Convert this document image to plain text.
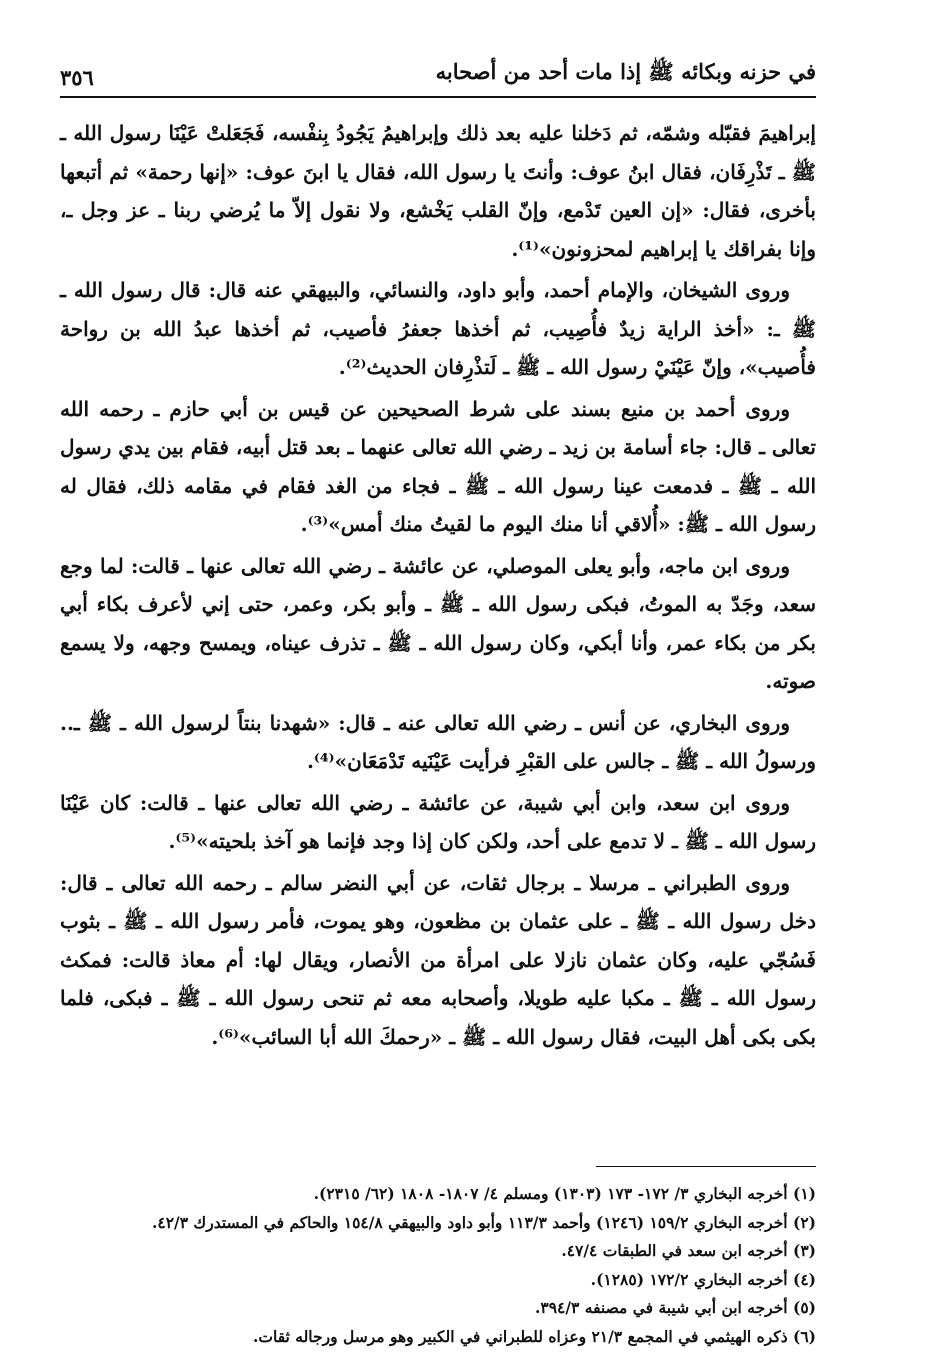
في حزنه وبكائه ﷺ إذا مات أحد من أصحابه
٣٥٦

إبراهيمَ فقبّله وشمّه، ثم دَخلنا عليه بعد ذلك وإبراهيمُ يَجُودُ بِنفْسه، فَجَعَلتْ عَيْنَا رسول الله ـ ﷺ ـ تَذْرِفَان، فقال ابنُ عوف: وأنتَ يا رسول الله، فقال يا ابنَ عوف: «إنها رحمة» ثم أتبعها بأخرى، فقال: «إن العين تَدْمع، وإنّ القلب يَخْشع، ولا نقول إلاّ ما يُرضي ربنا ـ عز وجل ـ، وإنا بفراقك يا إبراهيم لمحزونون»⁽¹⁾.

وروى الشيخان، والإمام أحمد، وأبو داود، والنسائي، والبيهقي عنه قال: قال رسول الله ـ ﷺ ـ: «أخذ الراية زيدٌ فأُصِيب، ثم أخذها جعفرُ فأصيب، ثم أخذها عبدُ الله بن رواحة فأُصيب»، وإنّ عَيْنَيْ رسول الله ـ ﷺ ـ لَتذْرِفان الحديث⁽²⁾.

وروى أحمد بن منيع بسند على شرط الصحيحين عن قيس بن أبي حازم ـ رحمه الله تعالى ـ قال: جاء أسامة بن زيد ـ رضي الله تعالى عنهما ـ بعد قتل أبيه، فقام بين يدي رسول الله ـ ﷺ ـ فدمعت عينا رسول الله ـ ﷺ ـ فجاء من الغد فقام في مقامه ذلك، فقال له رسول الله ـ ﷺ: «أُلاقي أنا منك اليوم ما لقيتُ منك أمس»⁽³⁾.

وروى ابن ماجه، وأبو يعلى الموصلي، عن عائشة ـ رضي الله تعالى عنها ـ قالت: لما وجع سعد، وجَدّ به الموتُ، فبكى رسول الله ـ ﷺ ـ وأبو بكر، وعمر، حتى إني لأعرف بكاء أبي بكر من بكاء عمر، وأنا أبكي، وكان رسول الله ـ ﷺ ـ تذرف عيناه، ويمسح وجهه، ولا يسمع صوته.

وروى البخاري، عن أنس ـ رضي الله تعالى عنه ـ قال: «شهدنا بنتاً لرسول الله ـ ﷺ ـ.. ورسولُ الله ـ ﷺ ـ جالس على القبْرِ فرأيت عَيْنَيه تَدْمَعَان»⁽⁴⁾.

وروى ابن سعد، وابن أبي شيبة، عن عائشة ـ رضي الله تعالى عنها ـ قالت: كان عَيْنَا رسول الله ـ ﷺ ـ لا تدمع على أحد، ولكن كان إذا وجد فإنما هو آخذ بلحيته»⁽⁵⁾.

وروى الطبراني ـ مرسلا ـ برجال ثقات، عن أبي النضر سالم ـ رحمه الله تعالى ـ قال: دخل رسول الله ـ ﷺ ـ على عثمان بن مظعون، وهو يموت، فأمر رسول الله ـ ﷺ ـ بثوب فَسُجّي عليه، وكان عثمان نازلا على امرأة من الأنصار، ويقال لها: أم معاذ قالت: فمكث رسول الله ـ ﷺ ـ مكبا عليه طويلا، وأصحابه معه ثم تنحى رسول الله ـ ﷺ ـ فبكى، فلما بكى بكى أهل البيت، فقال رسول الله ـ ﷺ ـ «رحمكَ الله أبا السائب»⁽⁶⁾.

(١) أخرجه البخاري ٣/ ١٧٢- ١٧٣ (١٣٠٣) ومسلم ٤/ ١٨٠٧- ١٨٠٨ (٦٢/ ٢٣١٥).
(٢) أخرجه البخاري ١٥٩/٢ (١٢٤٦) وأحمد ١١٣/٣ وأبو داود والبيهقي ١٥٤/٨ والحاكم في المستدرك ٤٢/٣.
(٣) أخرجه ابن سعد في الطبقات ٤٧/٤.
(٤) أخرجه البخاري ١٧٢/٢ (١٢٨٥).
(٥) أخرجه ابن أبي شيبة في مصنفه ٣٩٤/٣.
(٦) ذكره الهيثمي في المجمع ٢١/٣ وعزاه للطبراني في الكبير وهو مرسل ورجاله ثقات.
